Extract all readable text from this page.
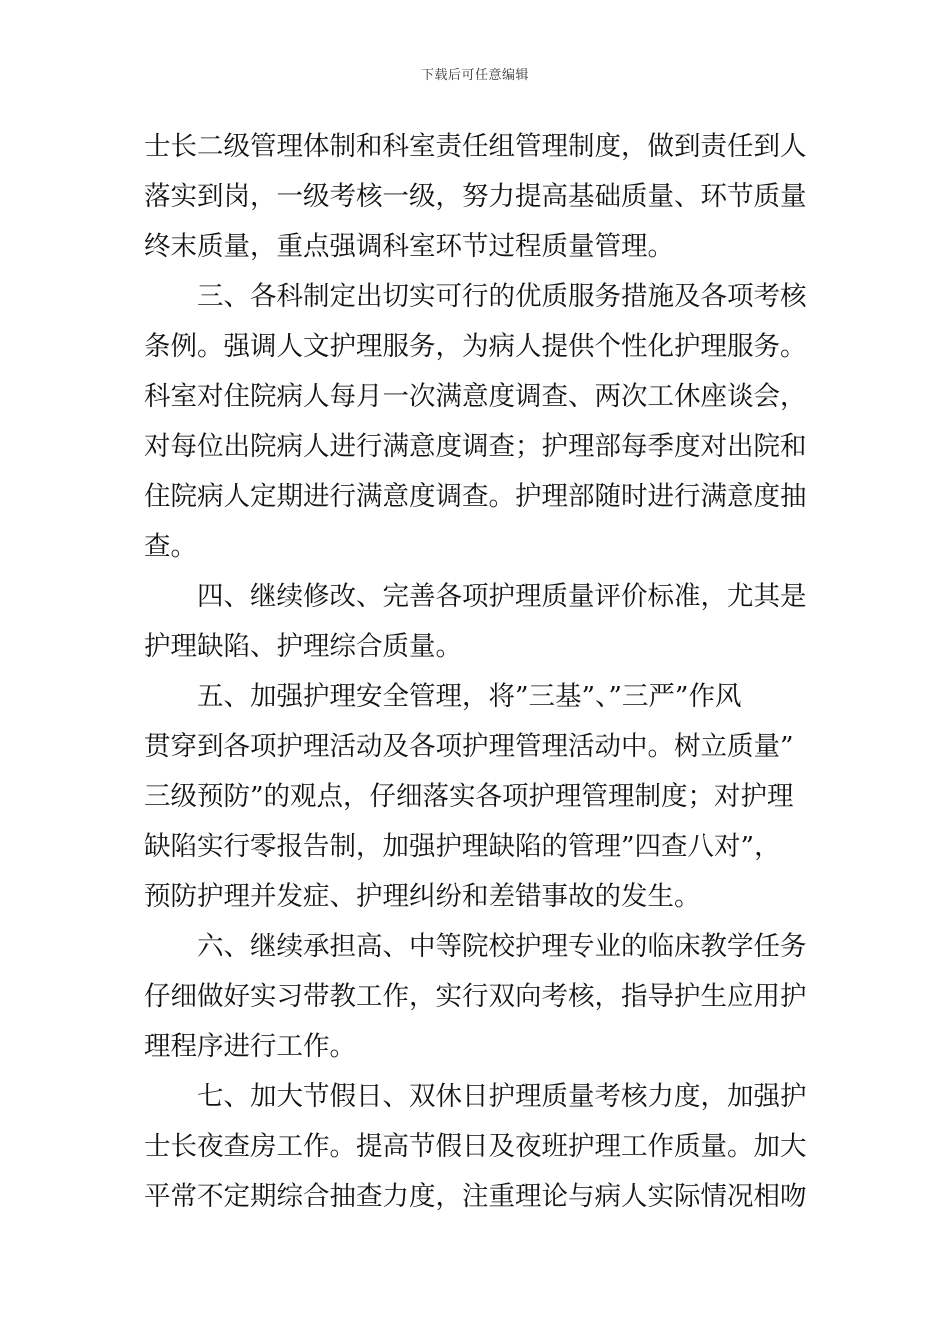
下载后可任意编辑
士长二级管理体制和科室责任组管理制度，做到责任到人
落实到岗，一级考核一级，努力提高基础质量、环节质量
终末质量，重点强调科室环节过程质量管理。
三、各科制定出切实可行的优质服务措施及各项考核
条例。强调人文护理服务，为病人提供个性化护理服务。
科室对住院病人每月一次满意度调查、两次工休座谈会，
对每位出院病人进行满意度调查；护理部每季度对出院和
住院病人定期进行满意度调查。护理部随时进行满意度抽
查。
四、继续修改、完善各项护理质量评价标准，尤其是
护理缺陷、护理综合质量。
五、加强护理安全管理，将”三基”、”三严”作风
贯穿到各项护理活动及各项护理管理活动中。树立质量”
三级预防”的观点，仔细落实各项护理管理制度；对护理
缺陷实行零报告制，加强护理缺陷的管理”四查八对”，
预防护理并发症、护理纠纷和差错事故的发生。
六、继续承担高、中等院校护理专业的临床教学任务
仔细做好实习带教工作，实行双向考核，指导护生应用护
理程序进行工作。
七、加大节假日、双休日护理质量考核力度，加强护
士长夜查房工作。提高节假日及夜班护理工作质量。加大
平常不定期综合抽查力度，注重理论与病人实际情况相吻
